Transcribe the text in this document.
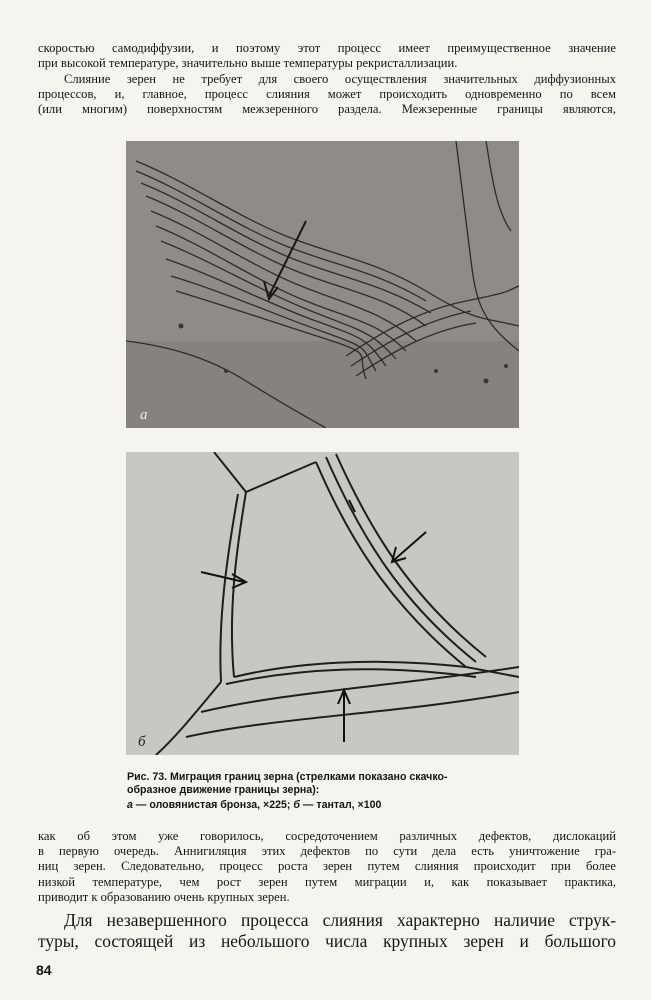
скоростью самодиффузии, и поэтому этот процесс имеет преимущественное значение
при высокой температуре, значительно выше температуры рекристаллизации.
Слияние зерен не требует для своего осуществления значительных диффузионных
процессов, и, главное, процесс слияния может происходить одновременно по всем
(или многим) поверхностям межзеренного раздела. Межзеренные границы являются,
а
б

Рис. 73. Миграция границ зерна (стрелками показано скачко-
образное движение границы зерна):

а — оловянистая бронза, ×225; б — тантал, ×100

как об этом уже говорилось, сосредоточением различных дефектов, дислокаций
в первую очередь. Аннигиляция этих дефектов по сути дела есть уничтожение гра-
ниц зерен. Следовательно, процесс роста зерен путем слияния происходит при более
низкой температуре, чем рост зерен путем миграции и, как показывает практика,
приводит к образованию очень крупных зерен.
Для незавершенного процесса слияния характерно наличие струк-
туры, состоящей из небольшого числа крупных зерен и большого
84
